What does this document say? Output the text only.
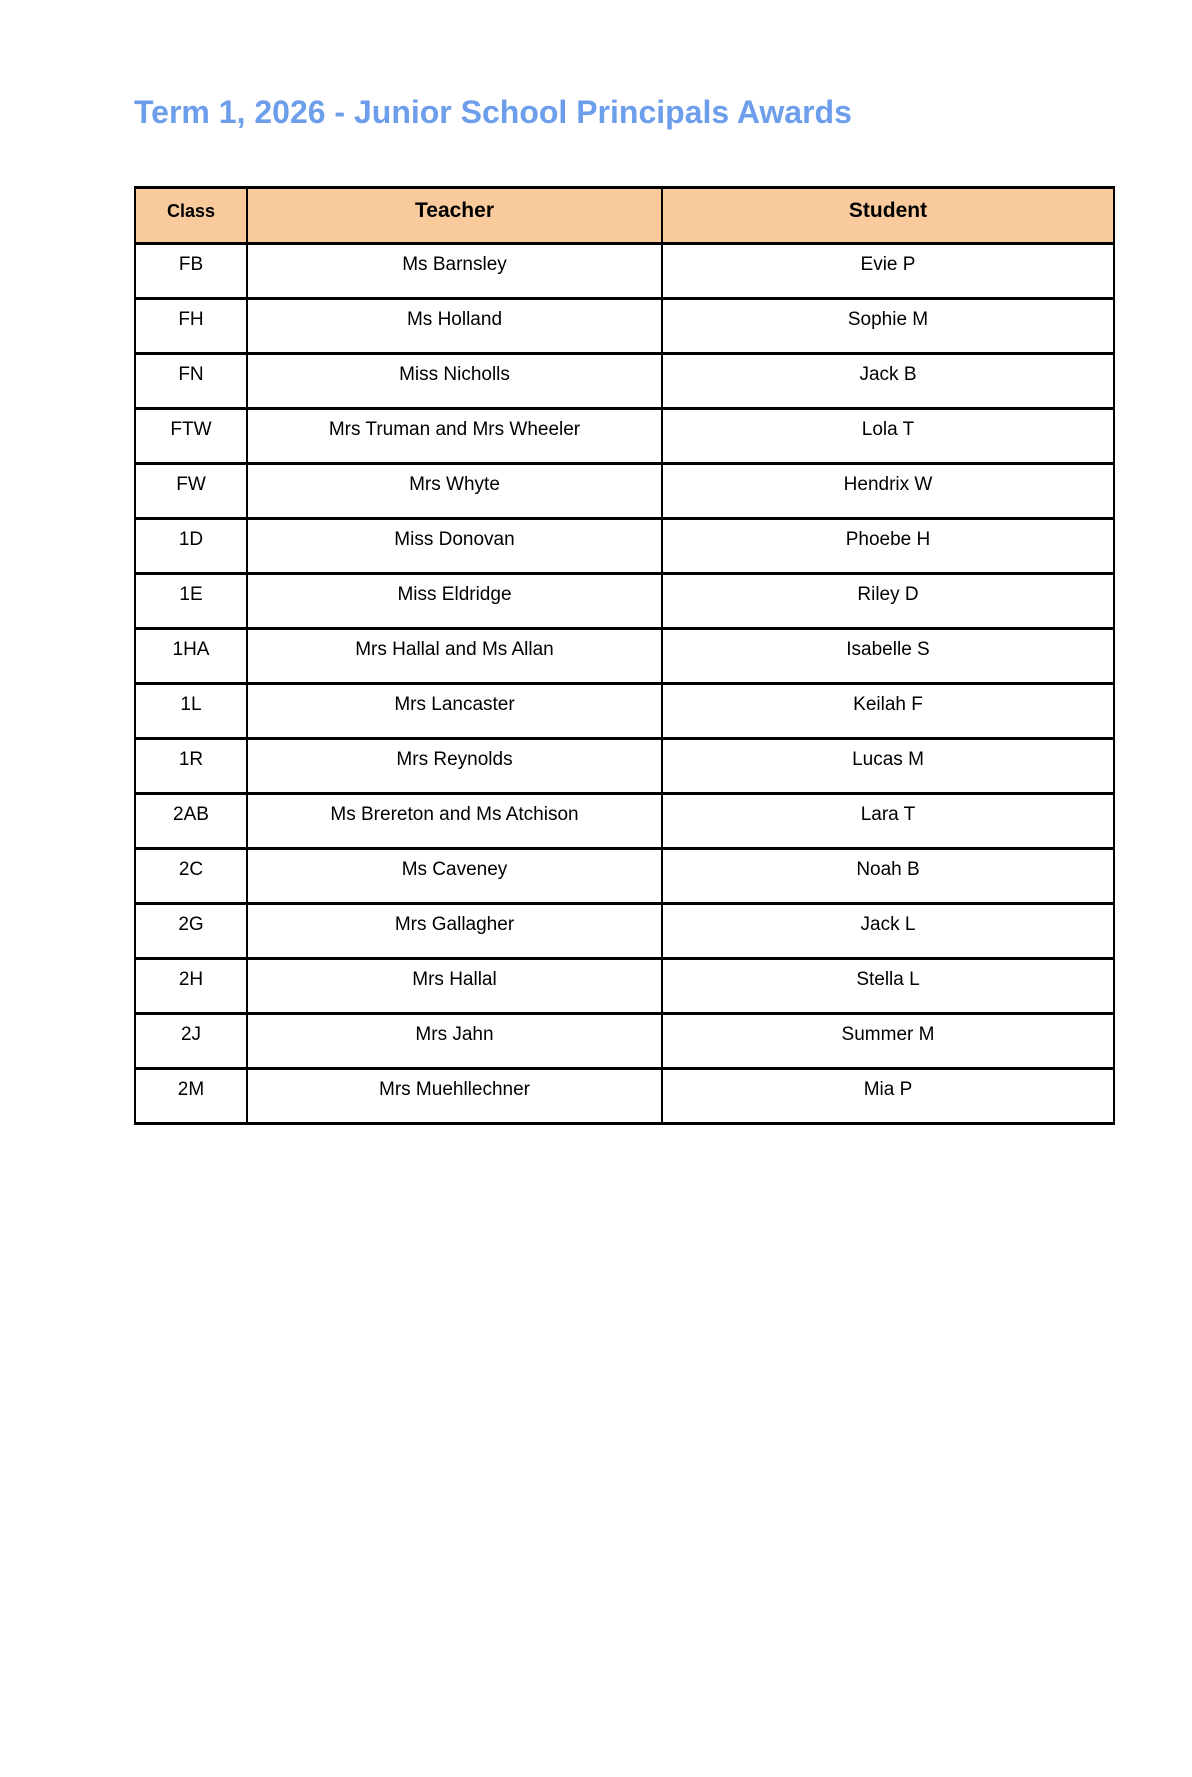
Term 1, 2026 - Junior School Principals Awards
Class	Teacher	Student
FB	Ms Barnsley	Evie P
FH	Ms Holland	Sophie M
FN	Miss Nicholls	Jack B
FTW	Mrs Truman and Mrs Wheeler	Lola T
FW	Mrs Whyte	Hendrix W
1D	Miss Donovan	Phoebe H
1E	Miss Eldridge	Riley D
1HA	Mrs Hallal and Ms Allan	Isabelle S
1L	Mrs Lancaster	Keilah F
1R	Mrs Reynolds	Lucas M
2AB	Ms Brereton and Ms Atchison	Lara T
2C	Ms Caveney	Noah B
2G	Mrs Gallagher	Jack L
2H	Mrs Hallal	Stella L
2J	Mrs Jahn	Summer M
2M	Mrs Muehllechner	Mia P
